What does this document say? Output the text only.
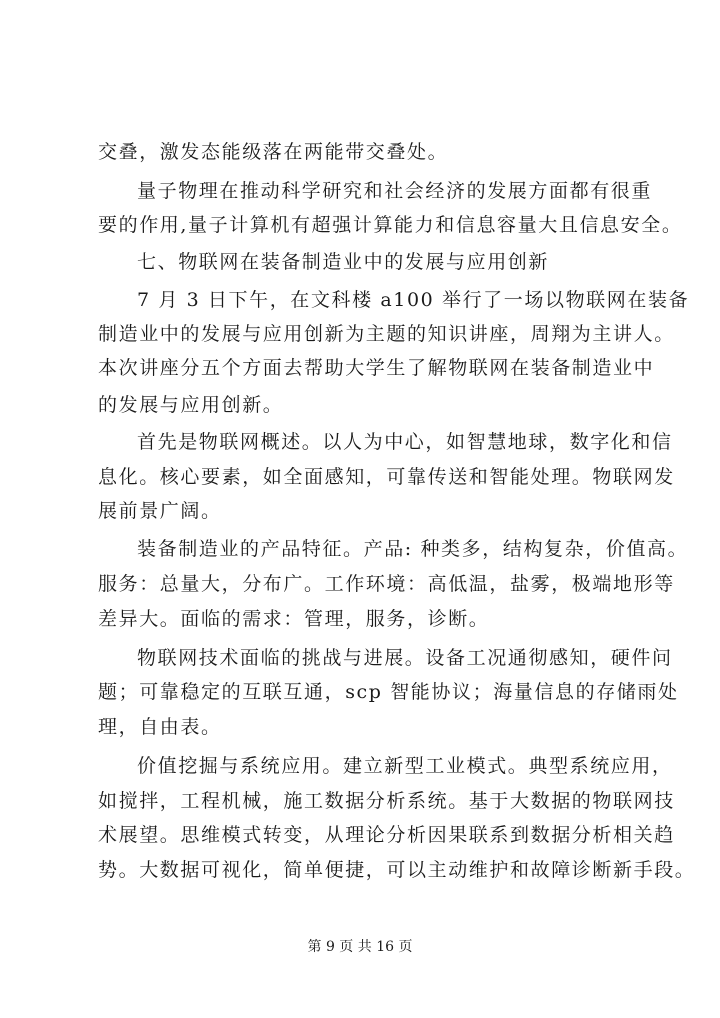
交叠，激发态能级落在两能带交叠处。
量子物理在推动科学研究和社会经济的发展方面都有很重
要的作用,量子计算机有超强计算能力和信息容量大且信息安全。
七、物联网在装备制造业中的发展与应用创新
7 月 3 日下午，在文科楼 a100 举行了一场以物联网在装备
制造业中的发展与应用创新为主题的知识讲座，周翔为主讲人。
本次讲座分五个方面去帮助大学生了解物联网在装备制造业中
的发展与应用创新。
首先是物联网概述。以人为中心，如智慧地球，数字化和信
息化。核心要素，如全面感知，可靠传送和智能处理。物联网发
展前景广阔。
装备制造业的产品特征。产品: 种类多，结构复杂，价值高。
服务：总量大，分布广。工作环境：高低温，盐雾，极端地形等
差异大。面临的需求：管理，服务，诊断。
物联网技术面临的挑战与进展。设备工况通彻感知，硬件问
题；可靠稳定的互联互通，scp 智能协议；海量信息的存储雨处
理，自由表。
价值挖掘与系统应用。建立新型工业模式。典型系统应用，
如搅拌，工程机械，施工数据分析系统。基于大数据的物联网技
术展望。思维模式转变，从理论分析因果联系到数据分析相关趋
势。大数据可视化，简单便捷，可以主动维护和故障诊断新手段。
第 9 页 共 16 页
